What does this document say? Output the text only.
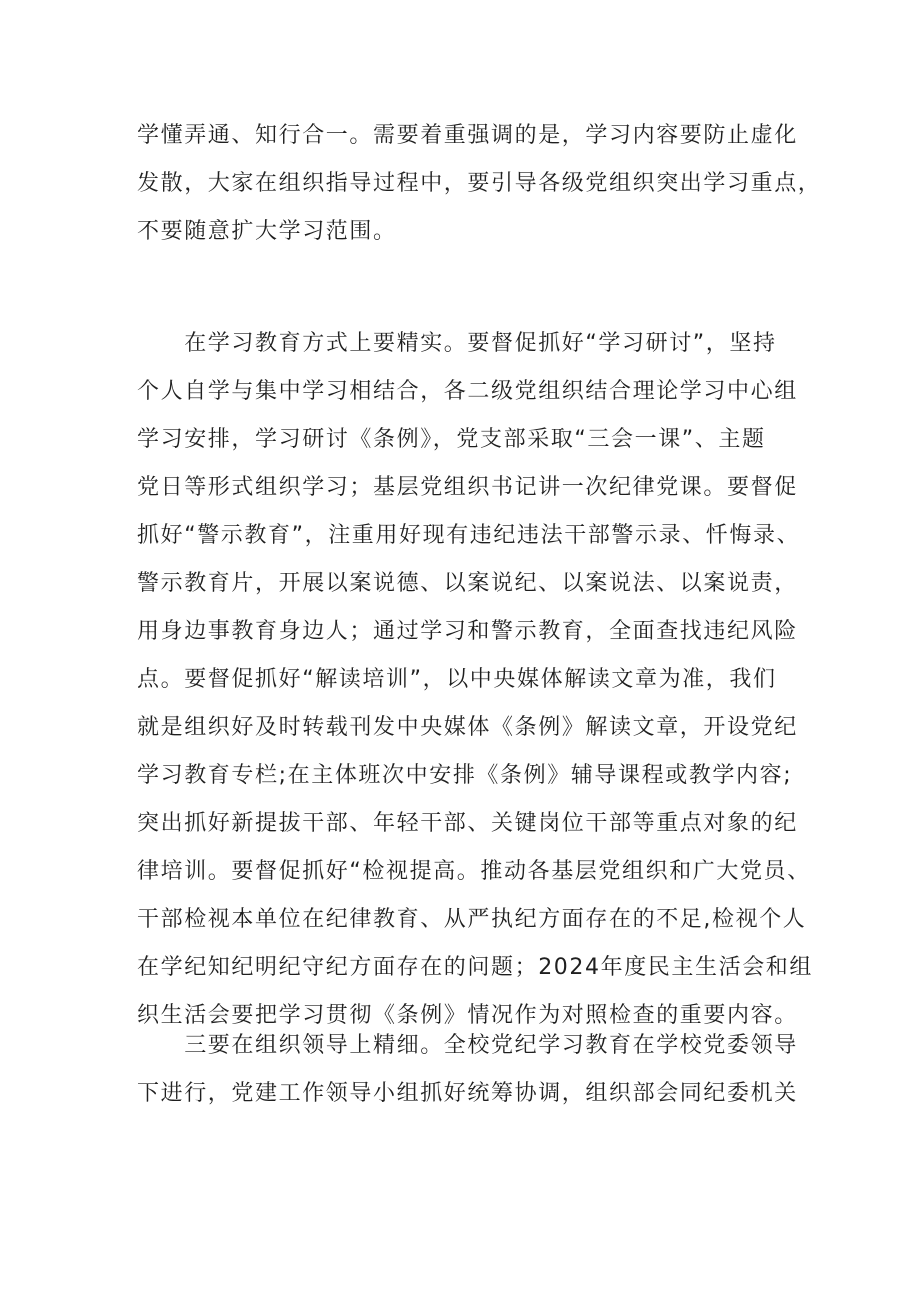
学懂弄通、知行合一。需要着重强调的是，学习内容要防止虚化
发散，大家在组织指导过程中，要引导各级党组织突出学习重点，
不要随意扩大学习范围。
　　在学习教育方式上要精实。要督促抓好“学习研讨”，坚持
个人自学与集中学习相结合，各二级党组织结合理论学习中心组
学习安排，学习研讨《条例》，党支部采取“三会一课”、主题
党日等形式组织学习；基层党组织书记讲一次纪律党课。要督促
抓好“警示教育”，注重用好现有违纪违法干部警示录、忏悔录、
警示教育片，开展以案说德、以案说纪、以案说法、以案说责，
用身边事教育身边人；通过学习和警示教育，全面查找违纪风险
点。要督促抓好“解读培训”，以中央媒体解读文章为准，我们
就是组织好及时转载刊发中央媒体《条例》解读文章，开设党纪
学习教育专栏;在主体班次中安排《条例》辅导课程或教学内容;
突出抓好新提拔干部、年轻干部、关键岗位干部等重点对象的纪
律培训。要督促抓好“检视提高。推动各基层党组织和广大党员、
干部检视本单位在纪律教育、从严执纪方面存在的不足,检视个人
在学纪知纪明纪守纪方面存在的问题；2024年度民主生活会和组
织生活会要把学习贯彻《条例》情况作为对照检查的重要内容。
　　三要在组织领导上精细。全校党纪学习教育在学校党委领导
下进行，党建工作领导小组抓好统筹协调，组织部会同纪委机关
